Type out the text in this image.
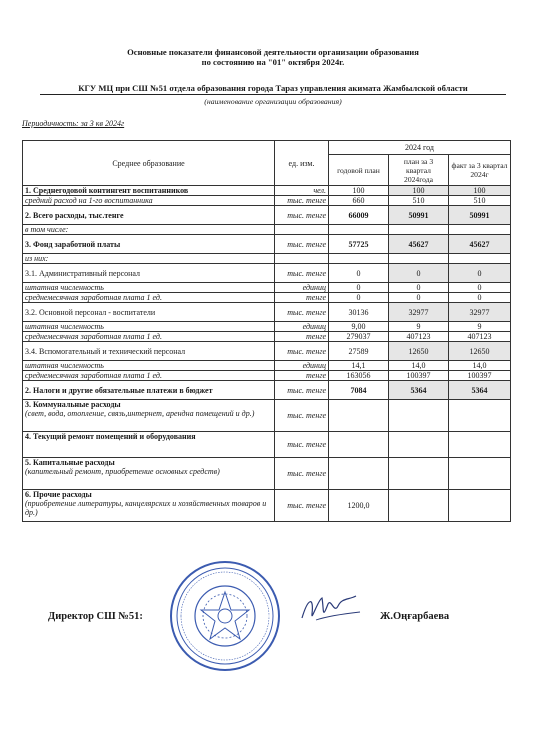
Основные показатели финансовой деятельности организации образования
по состоянию на "01" октября 2024г.
КГУ МЦ при СШ №51 отдела образования города Тараз управления акимата Жамбылской области
(наименование организации образования)
Периодичность: за 3 кв 2024г
Среднее образование	ед. изм.	2024 год		
		годовой план	план за 3 квартал 2024года	факт за 3 квартал 2024г
1. Среднегодовой контингент воспитанников	чел.	100	100	100
средний расход на 1-го воспитанника	тыс. тенге	660	510	510
2. Всего расходы, тыс.тенге	тыс. тенге	66009	50991	50991
в том числе:				
3. Фонд заработной платы	тыс. тенге	57725	45627	45627
из них:				
3.1. Административный персонал	тыс. тенге	0	0	0
штатная численность	единиц	0	0	0
среднемесячная заработная плата 1 ед.	тенге	0	0	0
3.2. Основной персонал - воспитатели	тыс. тенге	30136	32977	32977
штатная численность	единиц	9,00	9	9
среднемесячная заработная плата 1 ед.	тенге	279037	407123	407123
3.4. Вспомогательный и технический персонал	тыс. тенге	27589	12650	12650
штатная численность	единиц	14,1	14,0	14,0
среднемесячная заработная плата 1 ед.	тенге	163056	100397	100397
2. Налоги и другие обязательные платежи в бюджет	тыс. тенге	7084	5364	5364
3. Коммунальные расходы
(свет, вода, отопление, связь,интернет, арендна помещений и др.)	тыс. тенге			
4. Текущий ремонт помещений и оборудования	тыс. тенге			
5. Капитальные расходы
(капительный ремонт, приобретение основных средств)	тыс. тенге			
6. Прочие расходы
(приобретение литературы, канцелярских и хозяйственных товаров и др.)	тыс. тенге	1200,0		
Директор СШ №51:	Ж.Оңғарбаева
